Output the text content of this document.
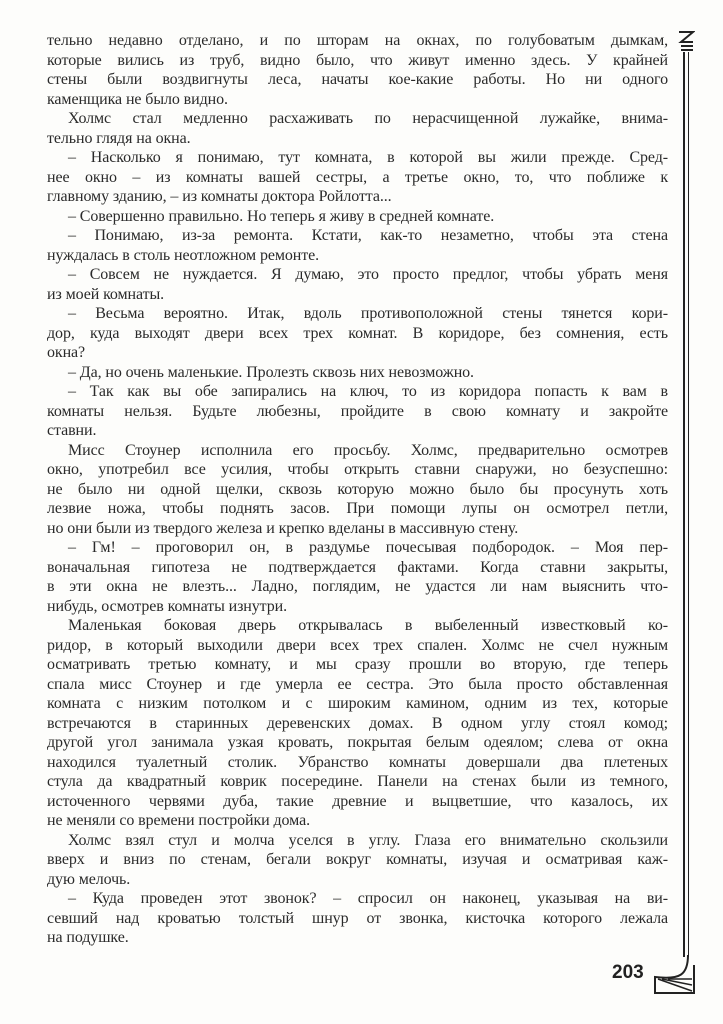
тельно недавно отделано, и по шторам на окнах, по голубоватым дымкам,
которые вились из труб, видно было, что живут именно здесь. У крайней
стены были воздвигнуты леса, начаты кое-какие работы. Но ни одного
каменщика не было видно.
Холмс стал медленно расхаживать по нерасчищенной лужайке, внима-
тельно глядя на окна.
– Насколько я понимаю, тут комната, в которой вы жили прежде. Сред-
нее окно – из комнаты вашей сестры, а третье окно, то, что поближе к
главному зданию, – из комнаты доктора Ройлотта...
– Совершенно правильно. Но теперь я живу в средней комнате.
– Понимаю, из-за ремонта. Кстати, как-то незаметно, чтобы эта стена
нуждалась в столь неотложном ремонте.
– Совсем не нуждается. Я думаю, это просто предлог, чтобы убрать меня
из моей комнаты.
– Весьма вероятно. Итак, вдоль противоположной стены тянется кори-
дор, куда выходят двери всех трех комнат. В коридоре, без сомнения, есть
окна?
– Да, но очень маленькие. Пролезть сквозь них невозможно.
– Так как вы обе запирались на ключ, то из коридора попасть к вам в
комнаты нельзя. Будьте любезны, пройдите в свою комнату и закройте
ставни.
Мисс Стоунер исполнила его просьбу. Холмс, предварительно осмотрев
окно, употребил все усилия, чтобы открыть ставни снаружи, но безуспешно:
не было ни одной щелки, сквозь которую можно было бы просунуть хоть
лезвие ножа, чтобы поднять засов. При помощи лупы он осмотрел петли,
но они были из твердого железа и крепко вделаны в массивную стену.
– Гм! – проговорил он, в раздумье почесывая подбородок. – Моя пер-
воначальная гипотеза не подтверждается фактами. Когда ставни закрыты,
в эти окна не влезть... Ладно, поглядим, не удастся ли нам выяснить что-
нибудь, осмотрев комнаты изнутри.
Маленькая боковая дверь открывалась в выбеленный известковый ко-
ридор, в который выходили двери всех трех спален. Холмс не счел нужным
осматривать третью комнату, и мы сразу прошли во вторую, где теперь
спала мисс Стоунер и где умерла ее сестра. Это была просто обставленная
комната с низким потолком и с широким камином, одним из тех, которые
встречаются в старинных деревенских домах. В одном углу стоял комод;
другой угол занимала узкая кровать, покрытая белым одеялом; слева от окна
находился туалетный столик. Убранство комнаты довершали два плетеных
стула да квадратный коврик посередине. Панели на стенах были из темного,
источенного червями дуба, такие древние и выцветшие, что казалось, их
не меняли со времени постройки дома.
Холмс взял стул и молча уселся в углу. Глаза его внимательно скользили
вверх и вниз по стенам, бегали вокруг комнаты, изучая и осматривая каж-
дую мелочь.
– Куда проведен этот звонок? – спросил он наконец, указывая на ви-
севший над кроватью толстый шнур от звонка, кисточка которого лежала
на подушке.
203
